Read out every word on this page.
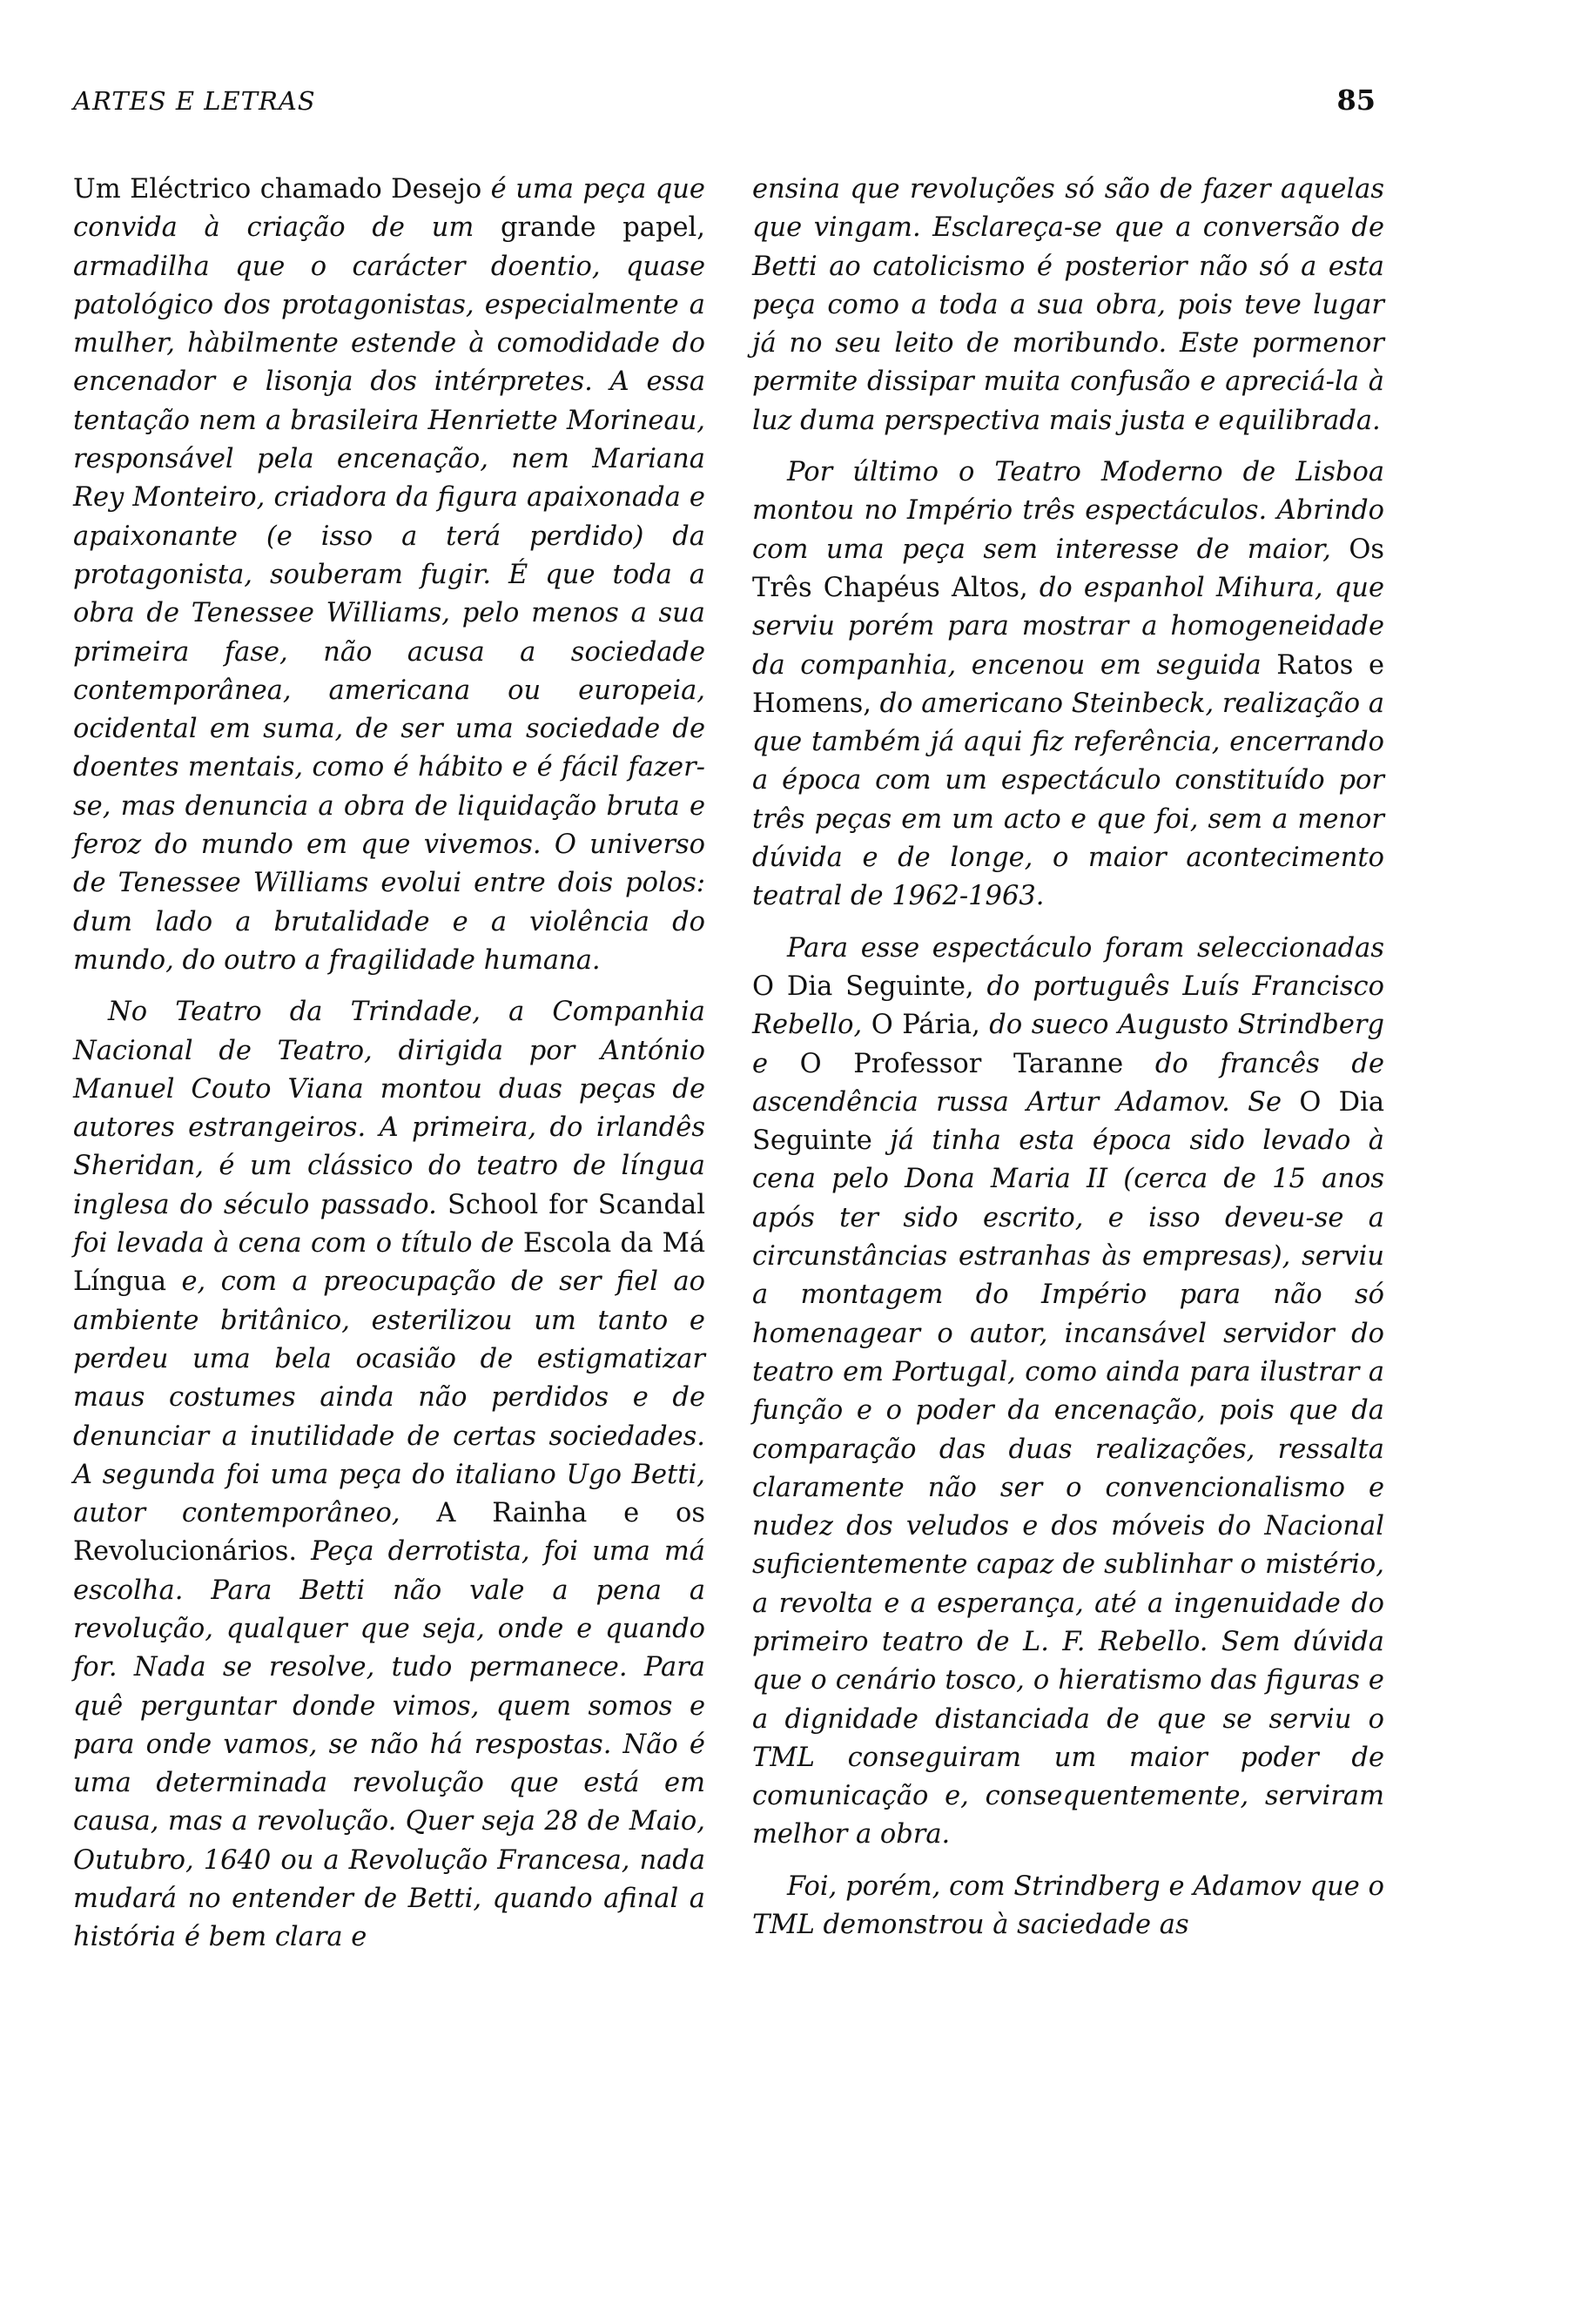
ARTES E LETRAS	85

Um Eléctrico chamado Desejo é uma peça que convida à criação de um grande papel, armadilha que o carácter doentio, quase patológico dos protagonistas, especialmente a mulher, hàbilmente estende à comodidade do encenador e lisonja dos intérpretes. A essa tentação nem a brasileira Henriette Morineau, responsável pela encenação, nem Mariana Rey Monteiro, criadora da figura apaixonada e apaixonante (e isso a terá perdido) da protagonista, souberam fugir. É que toda a obra de Tenessee Williams, pelo menos a sua primeira fase, não acusa a sociedade contemporânea, americana ou europeia, ocidental em suma, de ser uma sociedade de doentes mentais, como é hábito e é fácil fazer-se, mas denuncia a obra de liquidação bruta e feroz do mundo em que vivemos. O universo de Tenessee Williams evolui entre dois polos: dum lado a brutalidade e a violência do mundo, do outro a fragilidade humana.

No Teatro da Trindade, a Companhia Nacional de Teatro, dirigida por António Manuel Couto Viana montou duas peças de autores estrangeiros. A primeira, do irlandês Sheridan, é um clássico do teatro de língua inglesa do século passado. School for Scandal foi levada à cena com o título de Escola da Má Língua e, com a preocupação de ser fiel ao ambiente britânico, esterilizou um tanto e perdeu uma bela ocasião de estigmatizar maus costumes ainda não perdidos e de denunciar a inutilidade de certas sociedades. A segunda foi uma peça do italiano Ugo Betti, autor contemporâneo, A Rainha e os Revolucionários. Peça derrotista, foi uma má escolha. Para Betti não vale a pena a revolução, qualquer que seja, onde e quando for. Nada se resolve, tudo permanece. Para quê perguntar donde vimos, quem somos e para onde vamos, se não há respostas. Não é uma determinada revolução que está em causa, mas a revolução. Quer seja 28 de Maio, Outubro, 1640 ou a Revolução Francesa, nada mudará no entender de Betti, quando afinal a história é bem clara e

ensina que revoluções só são de fazer aquelas que vingam. Esclareça-se que a conversão de Betti ao catolicismo é posterior não só a esta peça como a toda a sua obra, pois teve lugar já no seu leito de moribundo. Este pormenor permite dissipar muita confusão e apreciá-la à luz duma perspectiva mais justa e equilibrada.

Por último o Teatro Moderno de Lisboa montou no Império três espectáculos. Abrindo com uma peça sem interesse de maior, Os Três Chapéus Altos, do espanhol Mihura, que serviu porém para mostrar a homogeneidade da companhia, encenou em seguida Ratos e Homens, do americano Steinbeck, realização a que também já aqui fiz referência, encerrando a época com um espectáculo constituído por três peças em um acto e que foi, sem a menor dúvida e de longe, o maior acontecimento teatral de 1962-1963.

Para esse espectáculo foram seleccionadas O Dia Seguinte, do português Luís Francisco Rebello, O Pária, do sueco Augusto Strindberg e O Professor Taranne do francês de ascendência russa Artur Adamov. Se O Dia Seguinte já tinha esta época sido levado à cena pelo Dona Maria II (cerca de 15 anos após ter sido escrito, e isso deveu-se a circunstâncias estranhas às empresas), serviu a montagem do Império para não só homenagear o autor, incansável servidor do teatro em Portugal, como ainda para ilustrar a função e o poder da encenação, pois que da comparação das duas realizações, ressalta claramente não ser o convencionalismo e nudez dos veludos e dos móveis do Nacional suficientemente capaz de sublinhar o mistério, a revolta e a esperança, até a ingenuidade do primeiro teatro de L. F. Rebello. Sem dúvida que o cenário tosco, o hieratismo das figuras e a dignidade distanciada de que se serviu o TML conseguiram um maior poder de comunicação e, consequentemente, serviram melhor a obra.

Foi, porém, com Strindberg e Adamov que o TML demonstrou à saciedade as
